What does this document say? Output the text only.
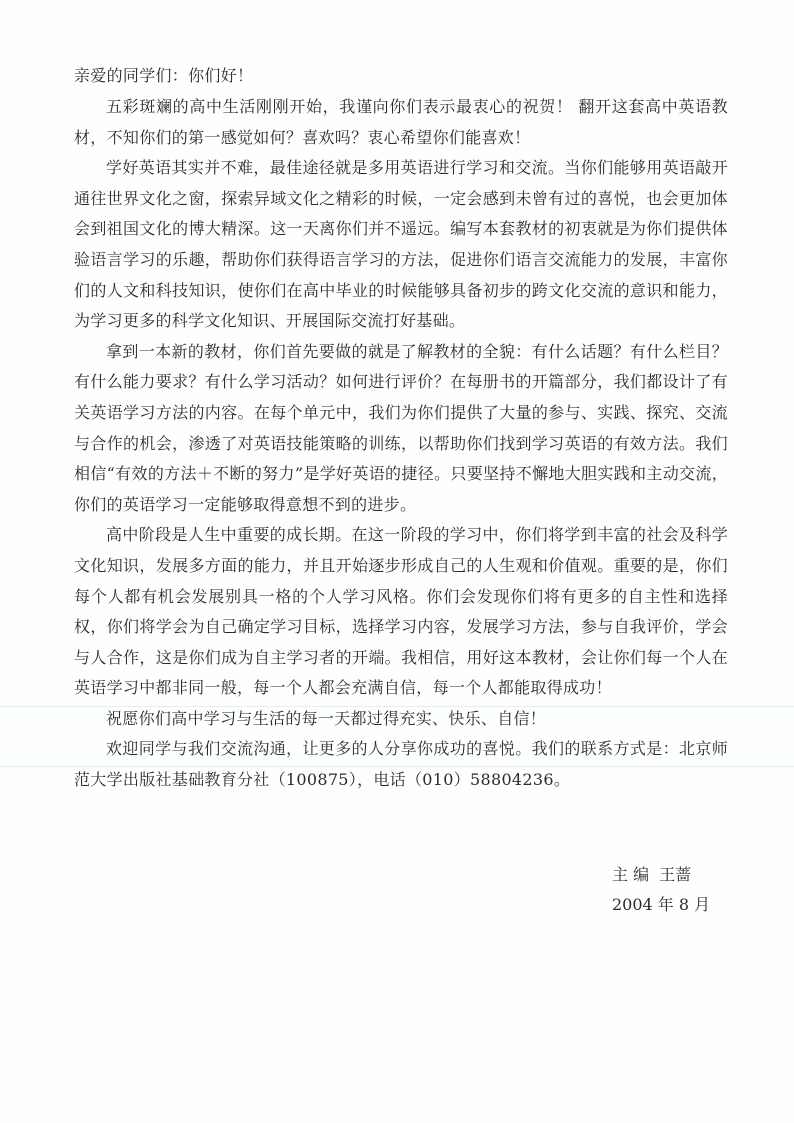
亲爱的同学们：你们好！

五彩斑斓的高中生活刚刚开始，我谨向你们表示最衷心的祝贺！ 翻开这套高中英语教材，不知你们的第一感觉如何？喜欢吗？衷心希望你们能喜欢！

学好英语其实并不难，最佳途径就是多用英语进行学习和交流。当你们能够用英语敲开通往世界文化之窗，探索异域文化之精彩的时候，一定会感到未曾有过的喜悦，也会更加体会到祖国文化的博大精深。这一天离你们并不遥远。编写本套教材的初衷就是为你们提供体验语言学习的乐趣，帮助你们获得语言学习的方法，促进你们语言交流能力的发展，丰富你们的人文和科技知识，使你们在高中毕业的时候能够具备初步的跨文化交流的意识和能力，为学习更多的科学文化知识、开展国际交流打好基础。

拿到一本新的教材，你们首先要做的就是了解教材的全貌：有什么话题？有什么栏目？有什么能力要求？有什么学习活动？如何进行评价？在每册书的开篇部分，我们都设计了有关英语学习方法的内容。在每个单元中，我们为你们提供了大量的参与、实践、探究、交流与合作的机会，渗透了对英语技能策略的训练，以帮助你们找到学习英语的有效方法。我们相信“有效的方法＋不断的努力”是学好英语的捷径。只要坚持不懈地大胆实践和主动交流，你们的英语学习一定能够取得意想不到的进步。

高中阶段是人生中重要的成长期。在这一阶段的学习中，你们将学到丰富的社会及科学文化知识，发展多方面的能力，并且开始逐步形成自己的人生观和价值观。重要的是，你们每个人都有机会发展别具一格的个人学习风格。你们会发现你们将有更多的自主性和选择权，你们将学会为自己确定学习目标，选择学习内容，发展学习方法，参与自我评价，学会与人合作，这是你们成为自主学习者的开端。我相信，用好这本教材，会让你们每一个人在英语学习中都非同一般，每一个人都会充满自信，每一个人都能取得成功！

祝愿你们高中学习与生活的每一天都过得充实、快乐、自信！

欢迎同学与我们交流沟通，让更多的人分享你成功的喜悦。我们的联系方式是：北京师范大学出版社基础教育分社（100875），电话（010）58804236。

主 编  王蔷
2004 年 8 月
